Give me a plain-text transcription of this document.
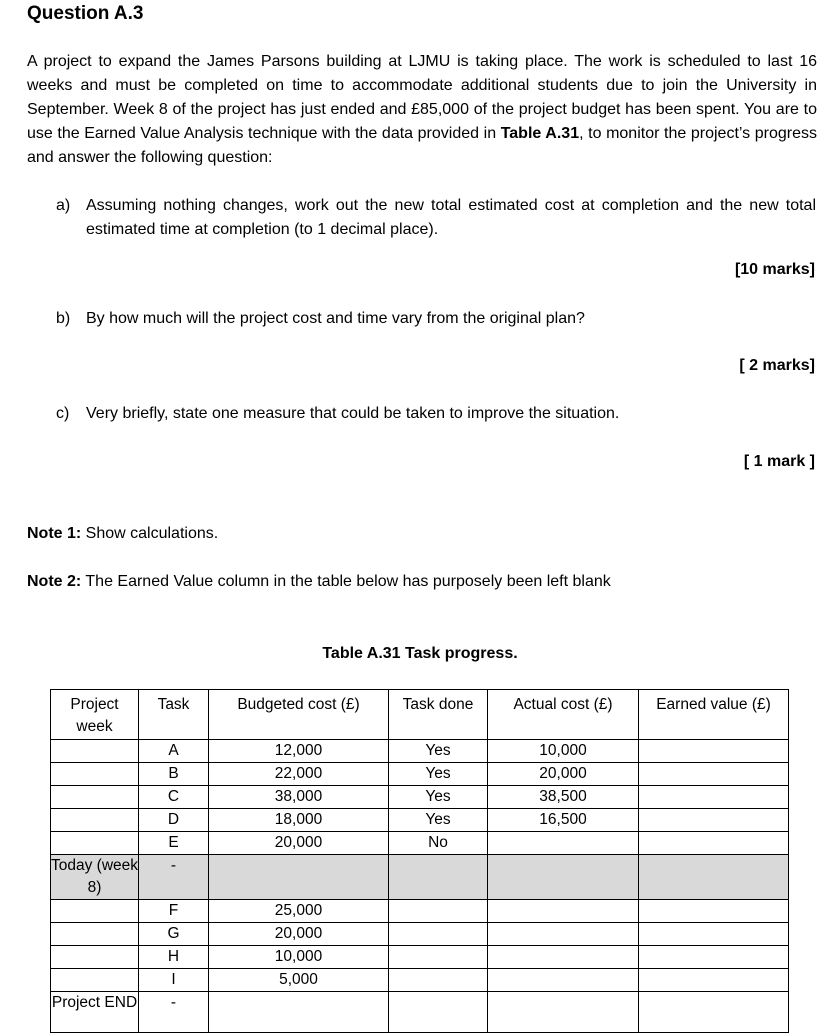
Question A.3
A project to expand the James Parsons building at LJMU is taking place. The work is scheduled to last 16 weeks and must be completed on time to accommodate additional students due to join the University in September. Week 8 of the project has just ended and £85,000 of the project budget has been spent. You are to use the Earned Value Analysis technique with the data provided in Table A.31, to monitor the project’s progress and answer the following question:
a) Assuming nothing changes, work out the new total estimated cost at completion and the new total estimated time at completion (to 1 decimal place).
[10 marks]
b) By how much will the project cost and time vary from the original plan?
[ 2 marks]
c)	Very briefly, state one measure that could be taken to improve the situation.
[ 1 mark ]
Note 1: Show calculations.
Note 2: The Earned Value column in the table below has purposely been left blank
Table A.31 Task progress.
Project week	Task	Budgeted cost (£)	Task done	Actual cost (£)	Earned value (£)
	A	12,000	Yes	10,000	
	B	22,000	Yes	20,000	
	C	38,000	Yes	38,500	
	D	18,000	Yes	16,500	
	E	20,000	No		
Today (week 8)	-				
	F	25,000			
	G	20,000			
	H	10,000			
	I	5,000			
Project END	-				
